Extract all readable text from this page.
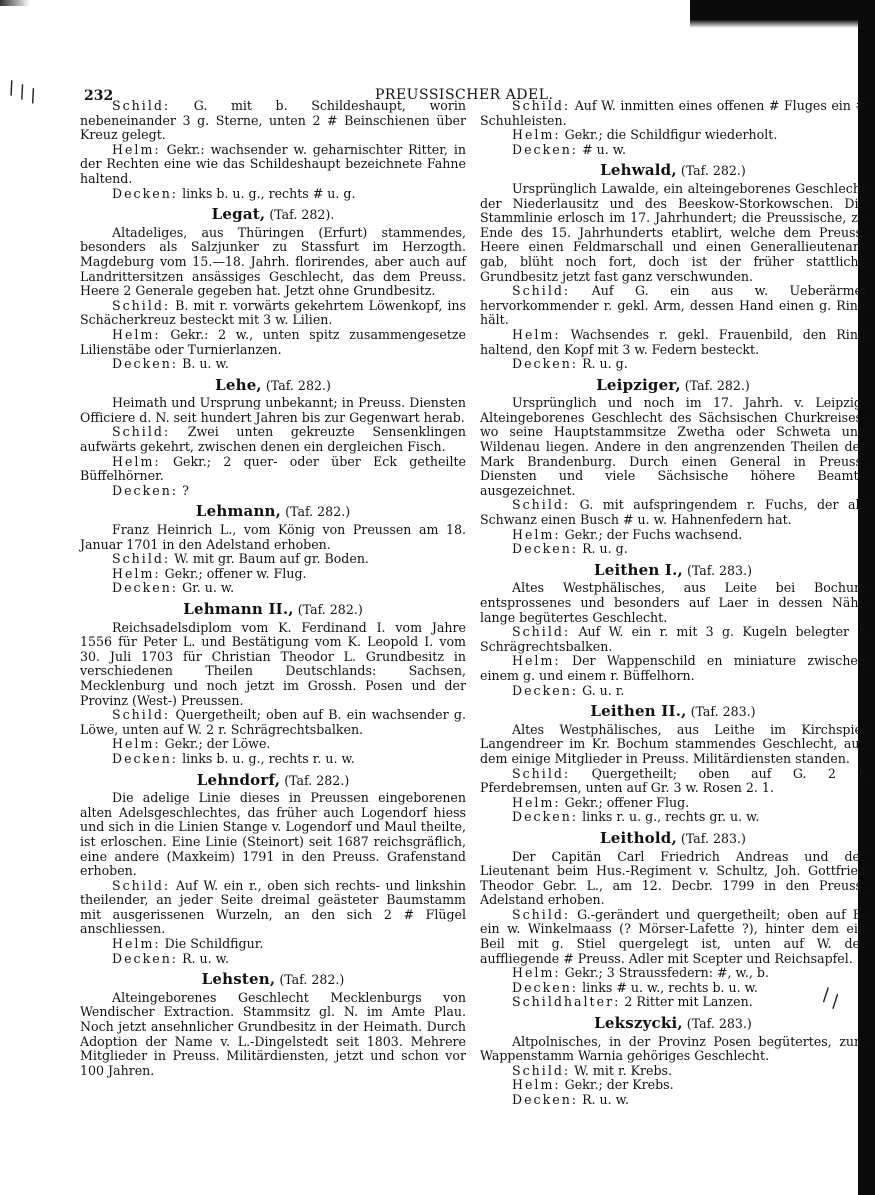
∖∖∖
∖∖
232	PREUSSISCHER ADEL.

Schild: G. mit b. Schildeshaupt, worin nebeneinander 3 g. Sterne, unten 2 # Beinschienen über Kreuz gelegt.

Helm: Gekr.: wachsender w. geharnischter Ritter, in der Rechten eine wie das Schildeshaupt bezeichnete Fahne haltend.

Decken: links b. u. g., rechts # u. g.

Legat, (Taf. 282).

Altadeliges, aus Thüringen (Erfurt) stammendes, besonders als Salzjunker zu Stassfurt im Herzogth. Magdeburg vom 15.—18. Jahrh. florirendes, aber auch auf Landrittersitzen ansässiges Geschlecht, das dem Preuss. Heere 2 Generale gegeben hat. Jetzt ohne Grundbesitz.

Schild: B. mit r. vorwärts gekehrtem Löwenkopf, ins Schächerkreuz besteckt mit 3 w. Lilien.

Helm: Gekr.: 2 w., unten spitz zusammengesetze Lilienstäbe oder Turnierlanzen.

Decken: B. u. w.

Lehe, (Taf. 282.)

Heimath und Ursprung unbekannt; in Preuss. Diensten Officiere d. N. seit hundert Jahren bis zur Gegenwart herab.

Schild: Zwei unten gekreuzte Sensenklingen aufwärts gekehrt, zwischen denen ein dergleichen Fisch.

Helm: Gekr.; 2 quer- oder über Eck getheilte Büffelhörner.

Decken: ?

Lehmann, (Taf. 282.)

Franz Heinrich L., vom König von Preussen am 18. Januar 1701 in den Adelstand erhoben.

Schild: W. mit gr. Baum auf gr. Boden.

Helm: Gekr.; offener w. Flug.

Decken: Gr. u. w.

Lehmann II., (Taf. 282.)

Reichsadelsdiplom vom K. Ferdinand I. vom Jahre 1556 für Peter L. und Bestätigung vom K. Leopold I. vom 30. Juli 1703 für Christian Theodor L. Grundbesitz in verschiedenen Theilen Deutschlands: Sachsen, Mecklenburg und noch jetzt im Grossh. Posen und der Provinz (West-) Preussen.

Schild: Quergetheilt; oben auf B. ein wachsender g. Löwe, unten auf W. 2 r. Schrägrechtsbalken.

Helm: Gekr.; der Löwe.

Decken: links b. u. g., rechts r. u. w.

Lehndorf, (Taf. 282.)

Die adelige Linie dieses in Preussen eingeborenen alten Adelsgeschlechtes, das früher auch Logendorf hiess und sich in die Linien Stange v. Logendorf und Maul theilte, ist erloschen. Eine Linie (Steinort) seit 1687 reichsgräflich, eine andere (Maxkeim) 1791 in den Preuss. Grafenstand erhoben.

Schild: Auf W. ein r., oben sich rechts- und linkshin theilender, an jeder Seite dreimal geästeter Baumstamm mit ausgerissenen Wurzeln, an den sich 2 # Flügel anschliessen.

Helm: Die Schildfigur.

Decken: R. u. w.

Lehsten, (Taf. 282.)

Alteingeborenes Geschlecht Mecklenburgs von Wendischer Extraction. Stammsitz gl. N. im Amte Plau. Noch jetzt ansehnlicher Grundbesitz in der Heimath. Durch Adoption der Name v. L.-Dingelstedt seit 1803. Mehrere Mitglieder in Preuss. Militärdiensten, jetzt und schon vor 100 Jahren.

Schild: Auf W. inmitten eines offenen # Fluges ein # Schuhleisten.

Helm: Gekr.; die Schildfigur wiederholt.

Decken: # u. w.

Lehwald, (Taf. 282.)

Ursprünglich Lawalde, ein alteingeborenes Geschlecht der Niederlausitz und des Beeskow-Storkowschen. Die Stammlinie erlosch im 17. Jahrhundert; die Preussische, zu Ende des 15. Jahrhunderts etablirt, welche dem Preuss. Heere einen Feldmarschall und einen Generallieutenant gab, blüht noch fort, doch ist der früher stattliche Grundbesitz jetzt fast ganz verschwunden.

Schild: Auf G. ein aus w. Ueberärmel hervorkommender r. gekl. Arm, dessen Hand einen g. Ring hält.

Helm: Wachsendes r. gekl. Frauenbild, den Ring haltend, den Kopf mit 3 w. Federn besteckt.

Decken: R. u. g.

Leipziger, (Taf. 282.)

Ursprünglich und noch im 17. Jahrh. v. Leipzig. Alteingeborenes Geschlecht des Sächsischen Churkreises, wo seine Hauptstammsitze Zwetha oder Schweta und Wildenau liegen. Andere in den angrenzenden Theilen der Mark Brandenburg. Durch einen General in Preuss. Diensten und viele Sächsische höhere Beamte ausgezeichnet.

Schild: G. mit aufspringendem r. Fuchs, der als Schwanz einen Busch # u. w. Hahnenfedern hat.

Helm: Gekr.; der Fuchs wachsend.

Decken: R. u. g.

Leithen I., (Taf. 283.)

Altes Westphälisches, aus Leite bei Bochum entsprossenes und besonders auf Laer in dessen Nähe lange begütertes Geschlecht.

Schild: Auf W. ein r. mit 3 g. Kugeln belegter r. Schrägrechtsbalken.

Helm: Der Wappenschild en miniature zwischen einem g. und einem r. Büffelhorn.

Decken: G. u. r.

Leithen II., (Taf. 283.)

Altes Westphälisches, aus Leithe im Kirchspiel Langendreer im Kr. Bochum stammendes Geschlecht, aus dem einige Mitglieder in Preuss. Militärdiensten standen.

Schild: Quergetheilt; oben auf G. 2 r. Pferdebremsen, unten auf Gr. 3 w. Rosen 2. 1.

Helm: Gekr.; offener Flug.

Decken: links r. u. g., rechts gr. u. w.

Leithold, (Taf. 283.)

Der Capitän Carl Friedrich Andreas und der Lieutenant beim Hus.-Regiment v. Schultz, Joh. Gottfried Theodor Gebr. L., am 12. Decbr. 1799 in den Preuss. Adelstand erhoben.

Schild: G.-gerändert und quergetheilt; oben auf B. ein w. Winkelmaass (? Mörser-Lafette ?), hinter dem ein Beil mit g. Stiel quergelegt ist, unten auf W. der auffliegende # Preuss. Adler mit Scepter und Reichsapfel.

Helm: Gekr.; 3 Straussfedern: #, w., b.

Decken: links # u. w., rechts b. u. w.

Schildhalter: 2 Ritter mit Lanzen.

Lekszycki, (Taf. 283.)

Altpolnisches, in der Provinz Posen begütertes, zum Wappenstamm Warnia gehöriges Geschlecht.

Schild: W. mit r. Krebs.

Helm: Gekr.; der Krebs.

Decken: R. u. w.
